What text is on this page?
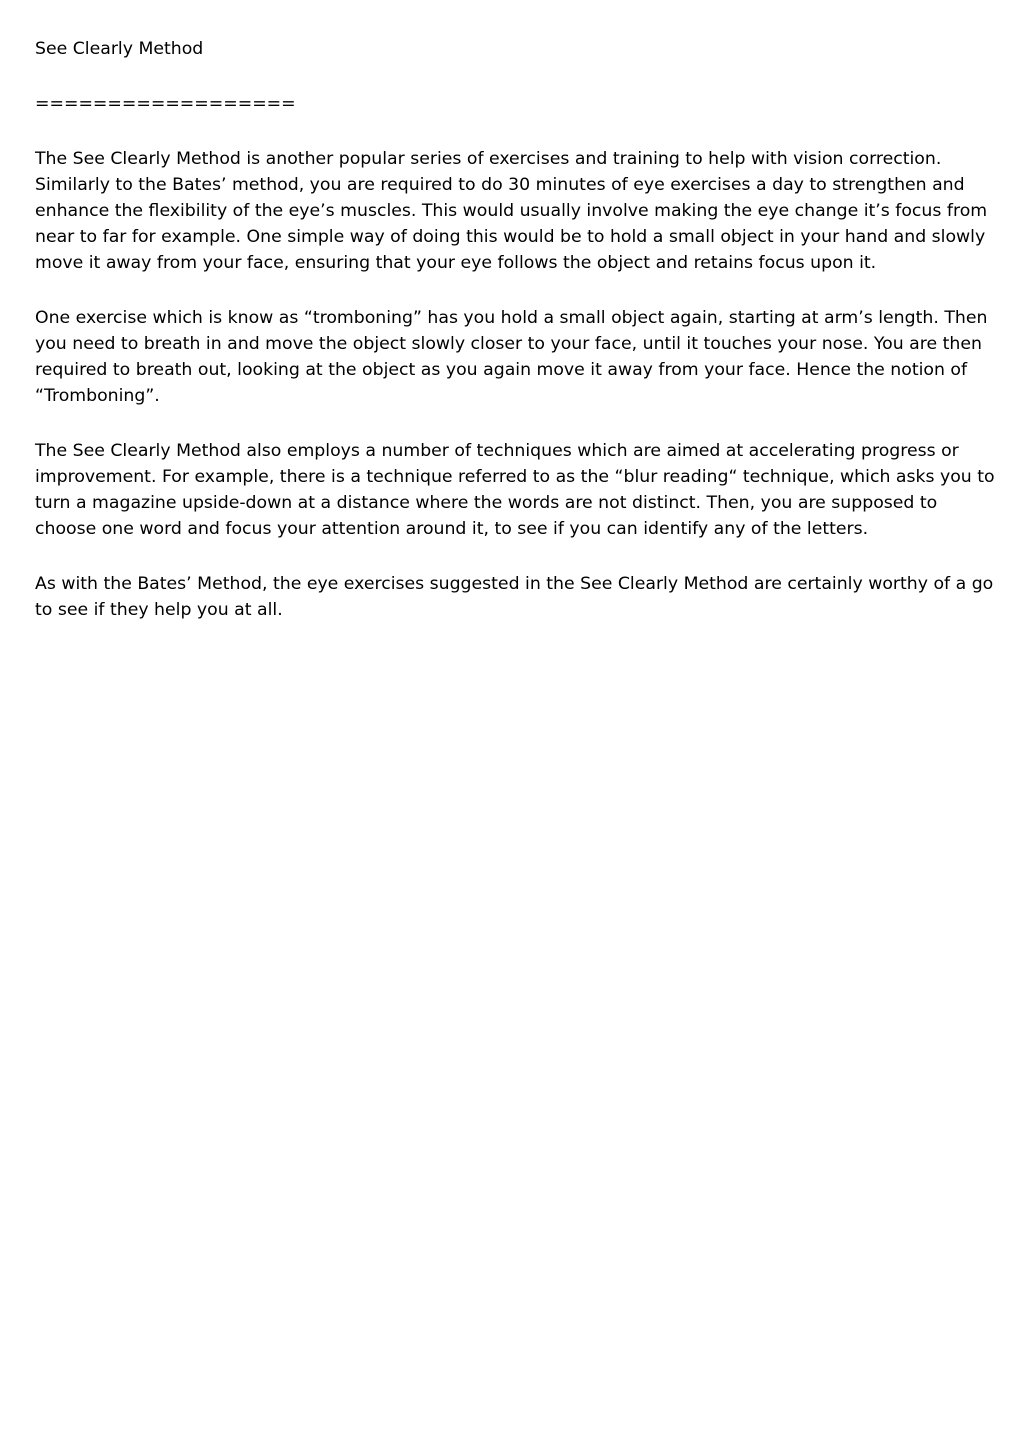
See Clearly Method

==================

The See Clearly Method is another popular series of exercises and training to help with vision correction. Similarly to the Bates’ method, you are required to do 30 minutes of eye exercises a day to strengthen and enhance the flexibility of the eye’s muscles. This would usually involve making the eye change it’s focus from near to far for example. One simple way of doing this would be to hold a small object in your hand and slowly move it away from your face, ensuring that your eye follows the object and retains focus upon it.

One exercise which is know as “tromboning” has you hold a small object again, starting at arm’s length. Then you need to breath in and move the object slowly closer to your face, until it touches your nose. You are then required to breath out, looking at the object as you again move it away from your face. Hence the notion of “Tromboning”.

The See Clearly Method also employs a number of techniques which are aimed at accelerating progress or improvement. For example, there is a technique referred to as the “blur reading“ technique, which asks you to turn a magazine upside-down at a distance where the words are not distinct. Then, you are supposed to choose one word and focus your attention around it, to see if you can identify any of the letters.

As with the Bates’ Method, the eye exercises suggested in the See Clearly Method are certainly worthy of a go to see if they help you at all.
